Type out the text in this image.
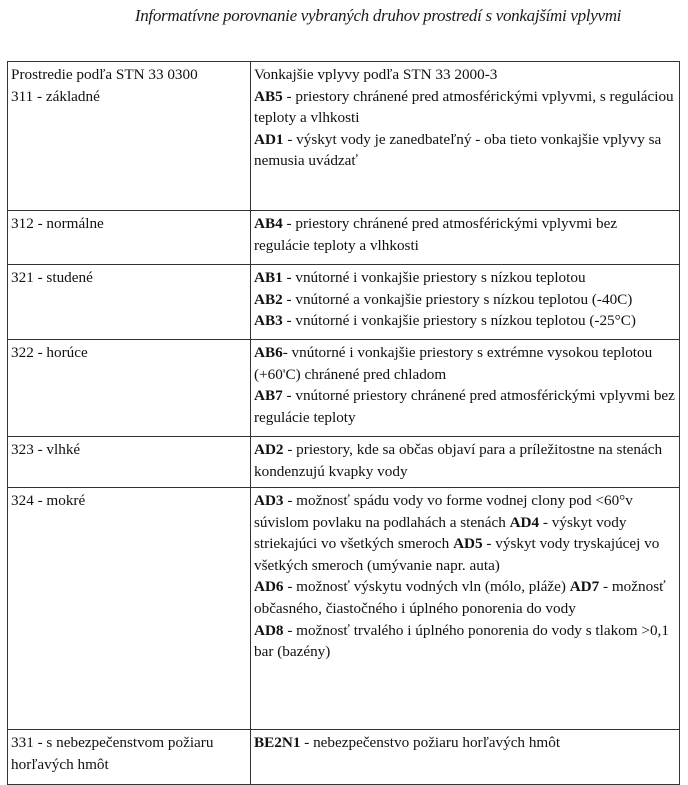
Informatívne porovnanie vybraných druhov prostredí s vonkajšími vplyvmi
Prostredie podľa STN 33 0300
311 - základné	Vonkajšie vplyvy podľa STN 33 2000-3
AB5 - priestory chránené pred atmosférickými vplyvmi, s reguláciou teploty a vlhkosti
AD1 - výskyt vody je zanedbateľný - oba tieto vonkajšie vplyvy sa nemusia uvádzať

312 - normálne	AB4 - priestory chránené pred atmosférickými vplyvmi bez regulácie teploty a vlhkosti

321 - studené	AB1 - vnútorné i vonkajšie priestory s nízkou teplotou
AB2 - vnútorné a vonkajšie priestory s nízkou teplotou (-40C)
AB3 - vnútorné i vonkajšie priestory s nízkou teplotou (-25°C)

322 - horúce	AB6- vnútorné i vonkajšie priestory s extrémne vysokou teplotou (+60'C) chránené pred chladom
AB7 - vnútorné priestory chránené pred atmosférickými vplyvmi bez regulácie teploty

323 - vlhké	AD2 - priestory, kde sa občas objaví para a príležitostne na stenách kondenzujú kvapky vody

324 - mokré	AD3 - možnosť spádu vody vo forme vodnej clony pod <60°v súvislom povlaku na podlahách a stenách AD4 - výskyt vody striekajúci vo všetkých smeroch AD5 - výskyt vody tryskajúcej vo všetkých smeroch (umývanie napr. auta)
AD6 - možnosť výskytu vodných vln (mólo, pláže) AD7 - možnosť občasného, čiastočného i úplného ponorenia do vody
AD8 - možnosť trvalého i úplného ponorenia do vody s tlakom >0,1 bar (bazény)

331 - s nebezpečenstvom požiaru horľavých hmôt	BE2N1 - nebezpečenstvo požiaru horľavých hmôt
